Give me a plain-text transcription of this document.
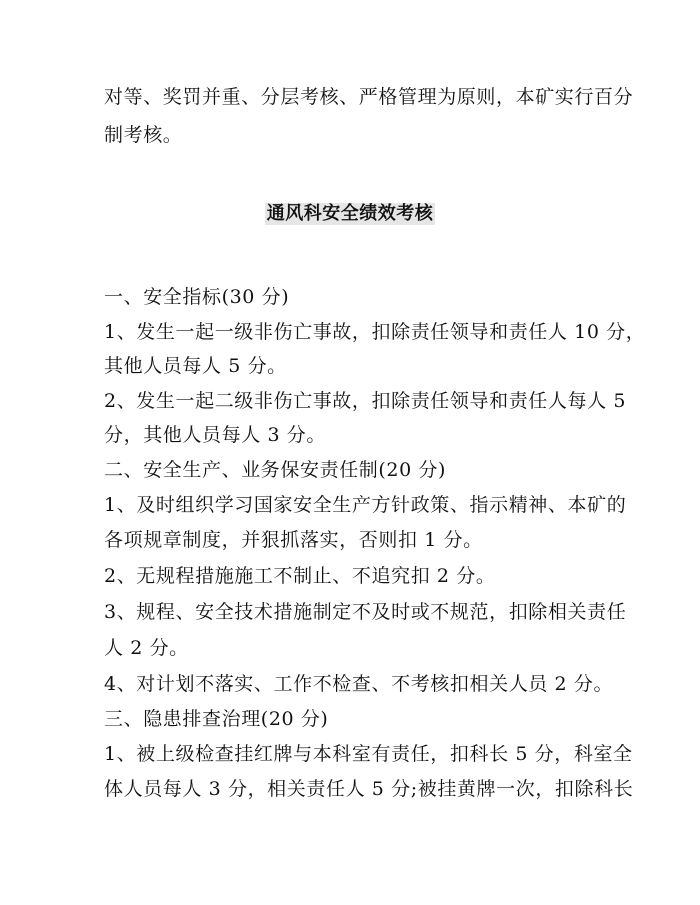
对等、奖罚并重、分层考核、严格管理为原则，本矿实行百分
制考核。
通风科安全绩效考核
一、安全指标(30 分)
1、发生一起一级非伤亡事故，扣除责任领导和责任人 10 分，
其他人员每人 5 分。
2、发生一起二级非伤亡事故，扣除责任领导和责任人每人 5
分，其他人员每人 3 分。
二、安全生产、业务保安责任制(20 分)
1、及时组织学习国家安全生产方针政策、指示精神、本矿的
各项规章制度，并狠抓落实，否则扣 1 分。
2、无规程措施施工不制止、不追究扣 2 分。
3、规程、安全技术措施制定不及时或不规范，扣除相关责任
人 2 分。
4、对计划不落实、工作不检查、不考核扣相关人员 2 分。
三、隐患排查治理(20 分)
1、被上级检查挂红牌与本科室有责任，扣科长 5 分，科室全
体人员每人 3 分，相关责任人 5 分;被挂黄牌一次，扣除科长
